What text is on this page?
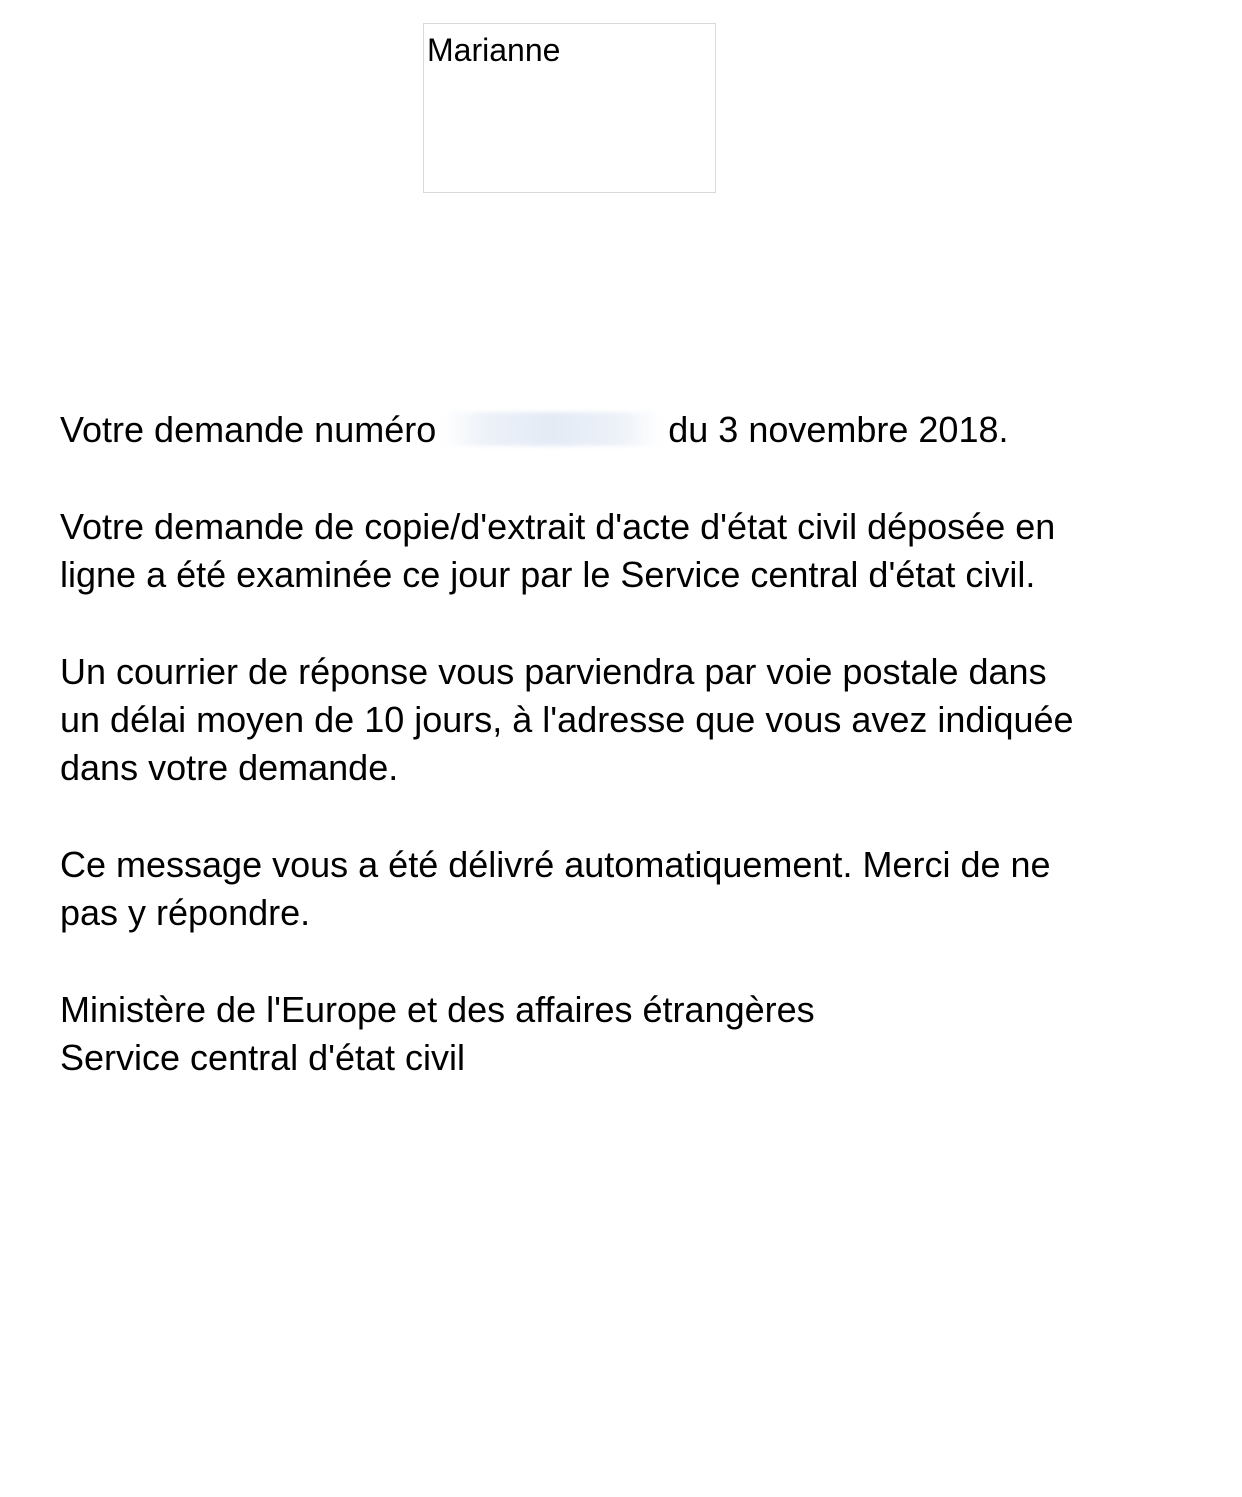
Marianne

Votre demande numéro	du 3 novembre 2018.

Votre demande de copie/d'extrait d'acte d'état civil déposée en
ligne a été examinée ce jour par le Service central d'état civil.

Un courrier de réponse vous parviendra par voie postale dans
un délai moyen de 10 jours, à l'adresse que vous avez indiquée
dans votre demande.

Ce message vous a été délivré automatiquement. Merci de ne
pas y répondre.

Ministère de l'Europe et des affaires étrangères
Service central d'état civil
